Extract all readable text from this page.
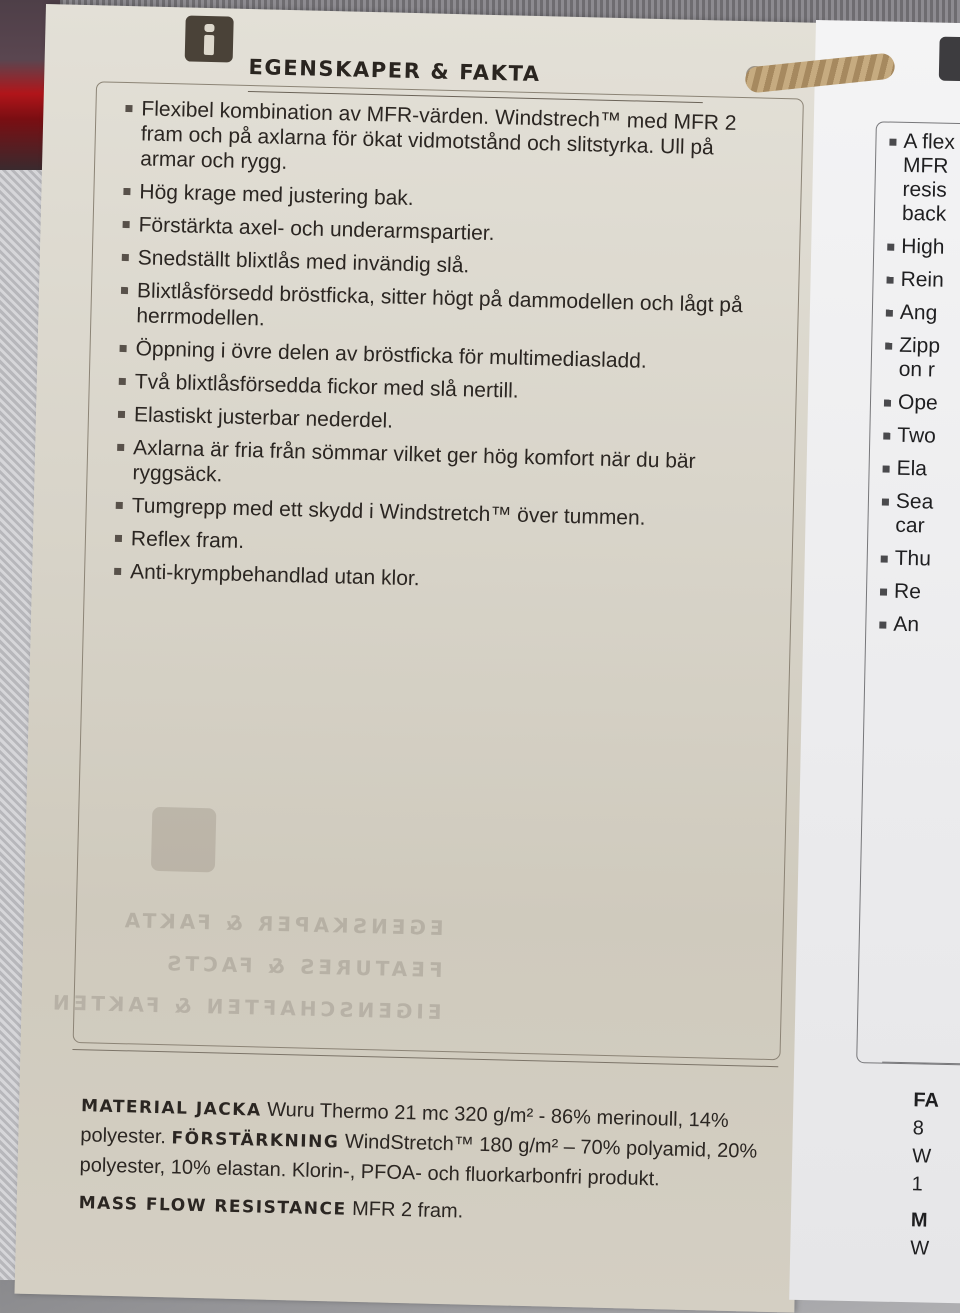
EGENSKAPER & FAKTA
Flexibel kombination av MFR-värden. Windstrech™ med MFR 2 fram och på axlarna för ökat vidmotstånd och slitstyrka. Ull på armar och rygg.
Hög krage med justering bak.
Förstärkta axel- och underarmspartier.
Snedställt blixtlås med invändig slå.
Blixtlåsförsedd bröstficka, sitter högt på dammodellen och lågt på herrmodellen.
Öppning i övre delen av bröstficka för multimediasladd.
Två blixtlåsförsedda fickor med slå nertill.
Elastiskt justerbar nederdel.
Axlarna är fria från sömmar vilket ger hög komfort när du bär ryggsäck.
Tumgrepp med ett skydd i Windstretch™ över tummen.
Reflex fram.
Anti-krympbehandlad utan klor.
EGENSKAPER & FAKTA
FEATURES & FACTS
EIGENSCHAFTEN & FAKTEN
MATERIAL JACKA Wuru Thermo 21 mc 320 g/m² - 86% merinoull, 14% polyester. FÖRSTÄRKNING WindStretch™ 180 g/m² – 70% polyamid, 20% polyester, 10% elastan. Klorin-, PFOA- och fluorkarbonfri produkt.
MASS FLOW RESISTANCE MFR 2 fram.
A flex
MFR
resis
back
High
Rein
Ang
Zipp
on r
Ope
Two
Ela
Sea
car
Thu
Re
An
FA
8
W
1
M
W
